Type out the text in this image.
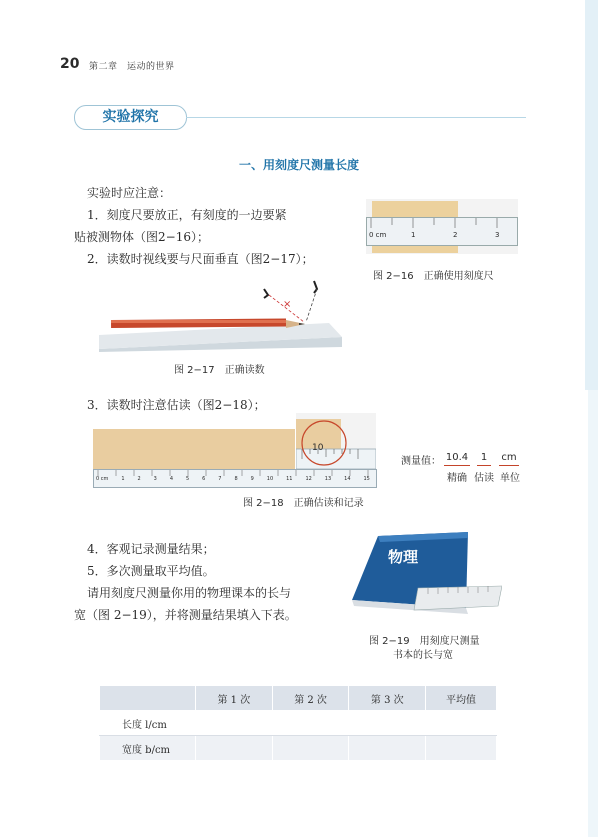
20 第二章　运动的世界
实验探究
一、用刻度尺测量长度
实验时应注意：
1．刻度尺要放正，有刻度的一边要紧
贴被测物体（图2−16）；
2．读数时视线要与尺面垂直（图2−17）；
0 cm	1	2	3
图 2−16　正确使用刻度尺
×
图 2−17　正确读数
3．读数时注意估读（图2−18）；
10
0 cm	1	2	3	4	5	6	7	8	9	10	11	12	13	14	15
测量值： 10.4	1	cm
精确 估读 单位
图 2−18　正确估读和记录
4．客观记录测量结果；
5．多次测量取平均值。
请用刻度尺测量你用的物理课本的长与
宽（图 2−19），并将测量结果填入下表。
物理
图 2−19　用刻度尺测量
书本的长与宽
	第 1 次	第 2 次	第 3 次	平均值
长度 l/cm				
宽度 b/cm				
